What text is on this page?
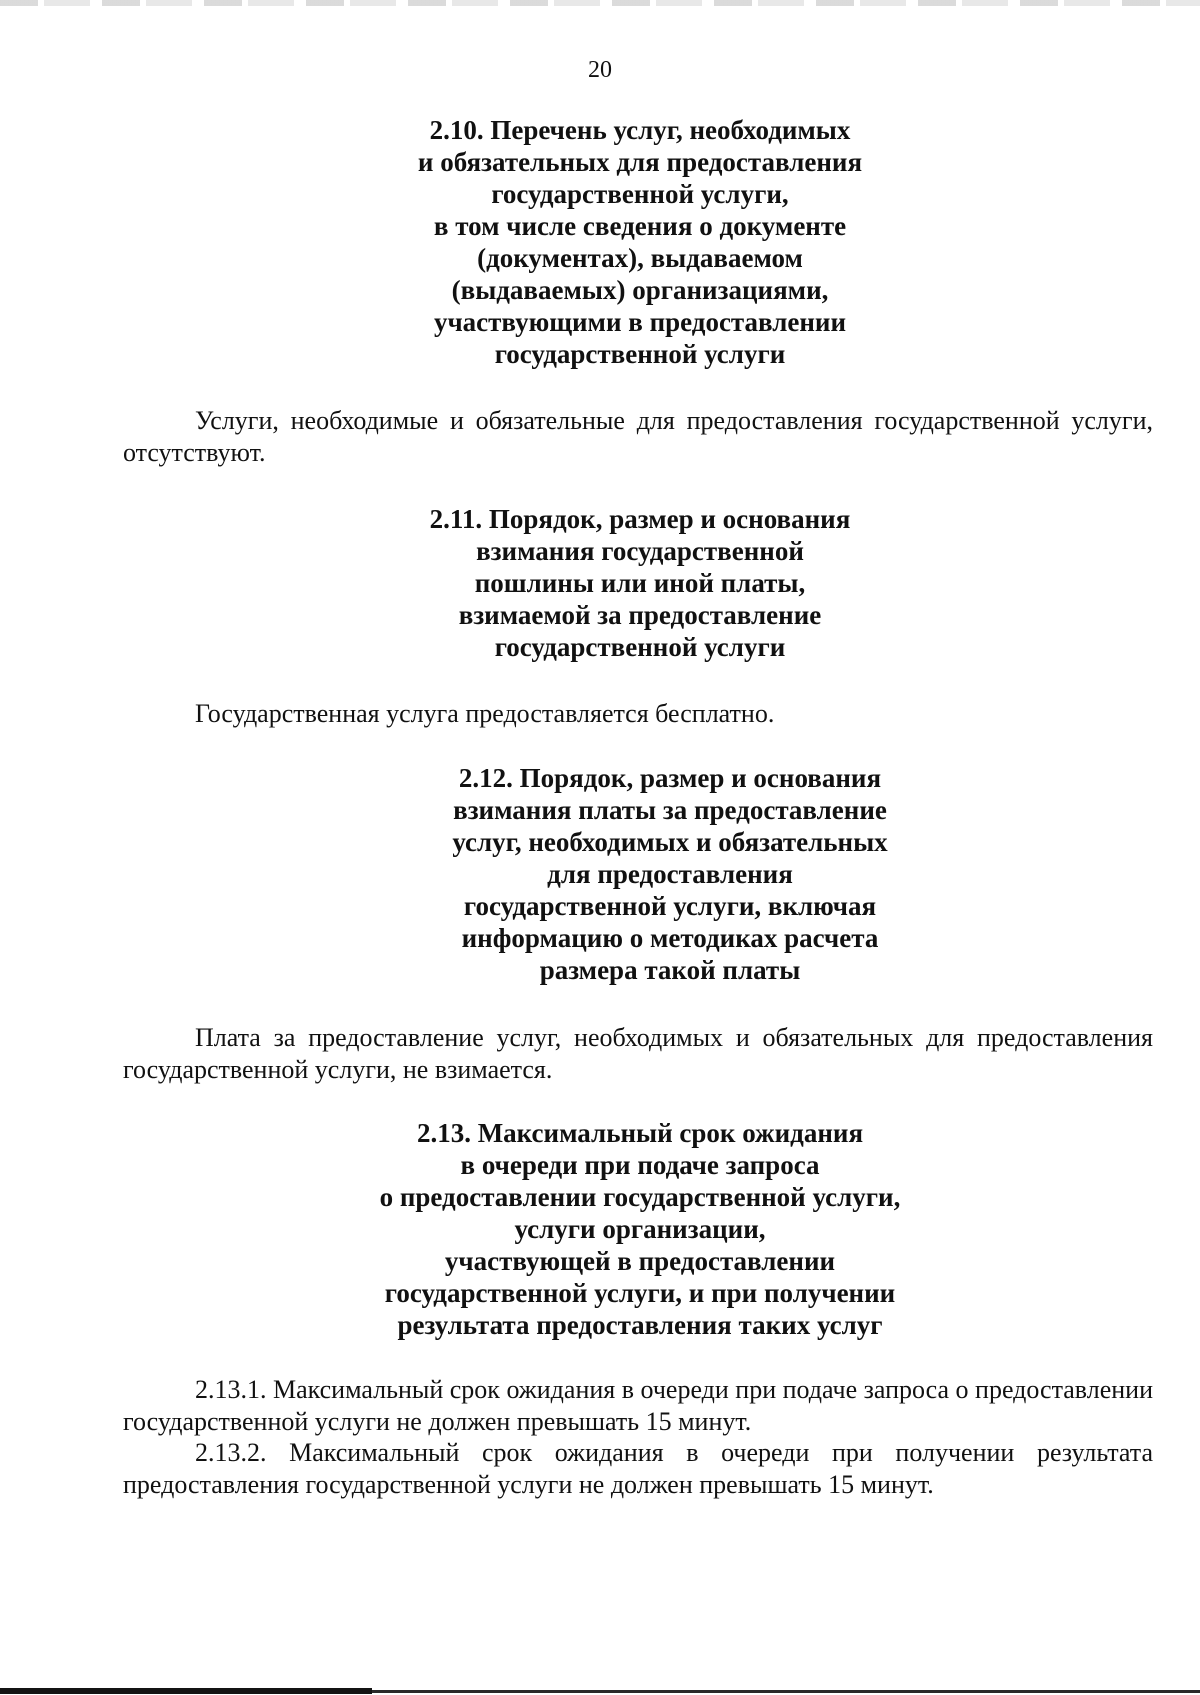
20
2.10. Перечень услуг, необходимых
и обязательных для предоставления
государственной услуги,
в том числе сведения о документе
(документах), выдаваемом
(выдаваемых) организациями,
участвующими в предоставлении
государственной услуги

Услуги, необходимые и обязательные для предоставления государственной услуги, отсутствуют.

2.11. Порядок, размер и основания
взимания государственной
пошлины или иной платы,
взимаемой за предоставление
государственной услуги

Государственная услуга предоставляется бесплатно.

2.12. Порядок, размер и основания
взимания платы за предоставление
услуг, необходимых и обязательных
для предоставления
государственной услуги, включая
информацию о методиках расчета
размера такой платы

Плата за предоставление услуг, необходимых и обязательных для предоставления государственной услуги, не взимается.

2.13. Максимальный срок ожидания
в очереди при подаче запроса
о предоставлении государственной услуги,
услуги организации,
участвующей в предоставлении
государственной услуги, и при получении
результата предоставления таких услуг

2.13.1. Максимальный срок ожидания в очереди при подаче запроса о предоставлении государственной услуги не должен превышать 15 минут.

2.13.2. Максимальный срок ожидания в очереди при получении результата предоставления государственной услуги не должен превышать 15 минут.
